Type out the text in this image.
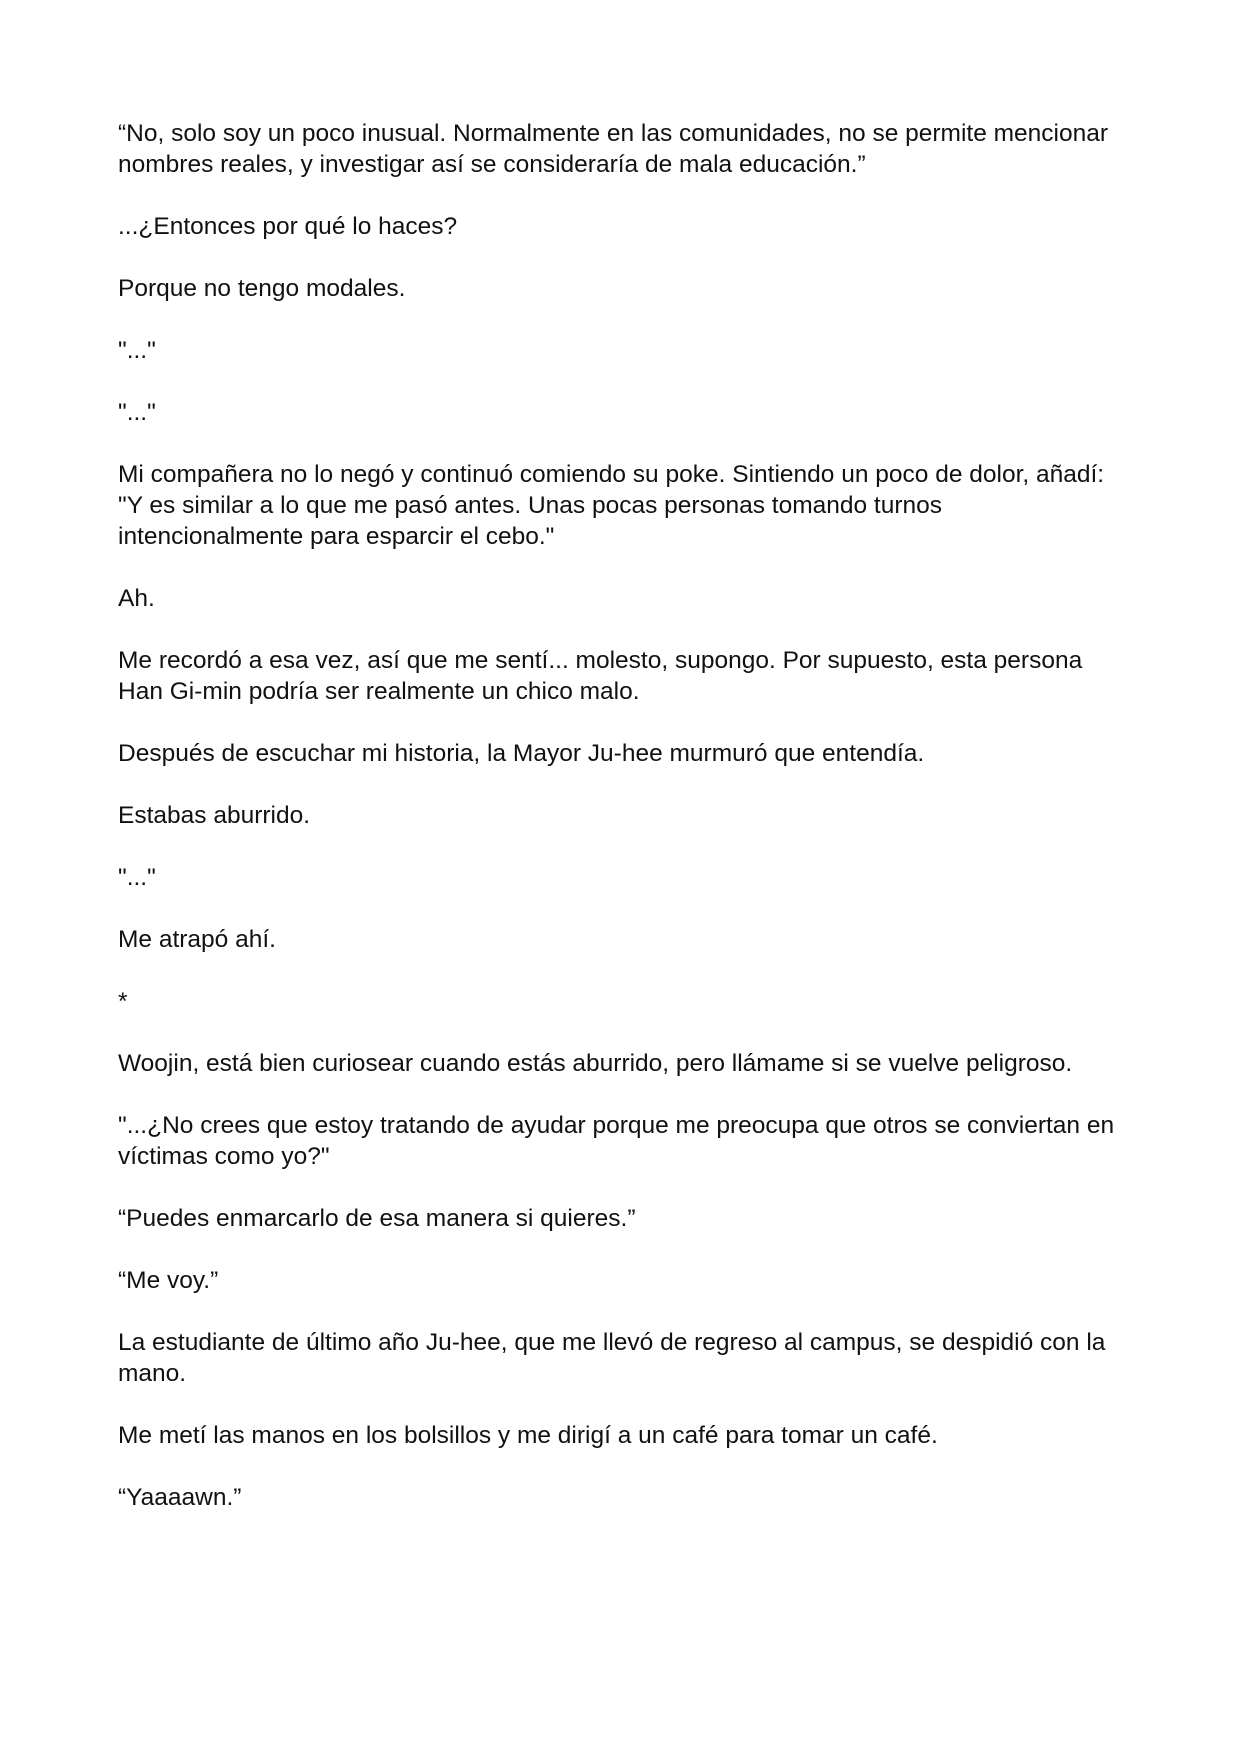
“No, solo soy un poco inusual. Normalmente en las comunidades, no se permite mencionar nombres reales, y investigar así se consideraría de mala educación.”

...¿Entonces por qué lo haces?

Porque no tengo modales.

"..."

"..."

Mi compañera no lo negó y continuó comiendo su poke. Sintiendo un poco de dolor, añadí: "Y es similar a lo que me pasó antes. Unas pocas personas tomando turnos intencionalmente para esparcir el cebo."

Ah.

Me recordó a esa vez, así que me sentí... molesto, supongo. Por supuesto, esta persona Han Gi-min podría ser realmente un chico malo.

Después de escuchar mi historia, la Mayor Ju-hee murmuró que entendía.

Estabas aburrido.

"..."

Me atrapó ahí.

*

Woojin, está bien curiosear cuando estás aburrido, pero llámame si se vuelve peligroso.

"...¿No crees que estoy tratando de ayudar porque me preocupa que otros se conviertan en víctimas como yo?"

“Puedes enmarcarlo de esa manera si quieres.”

“Me voy.”

La estudiante de último año Ju-hee, que me llevó de regreso al campus, se despidió con la mano.

Me metí las manos en los bolsillos y me dirigí a un café para tomar un café.

“Yaaaawn.”
